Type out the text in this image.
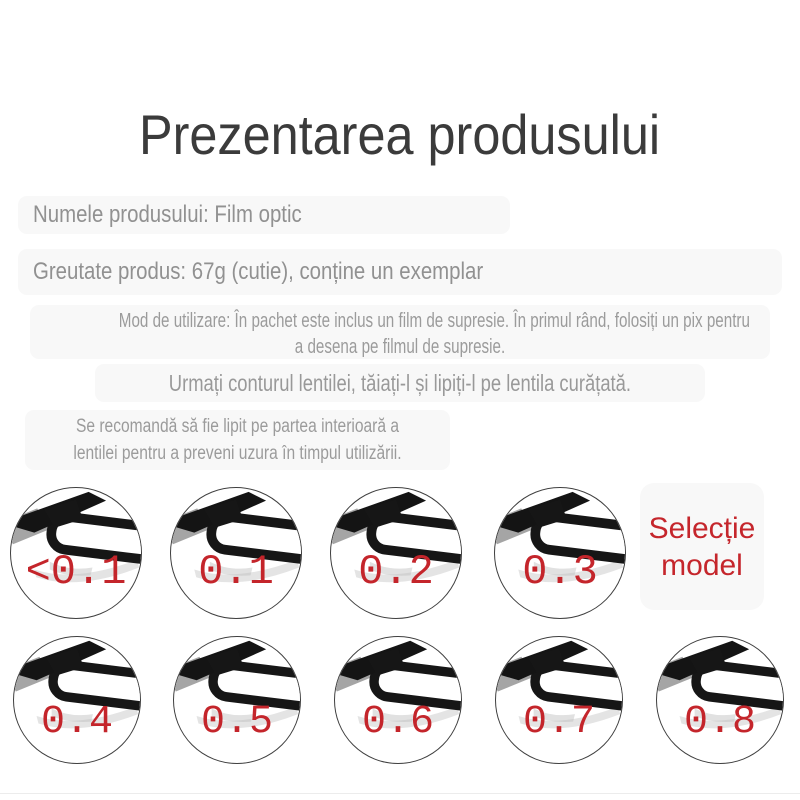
Prezentarea produsului
Numele produsului: Film optic
Greutate produs: 67g (cutie), conține un exemplar
Mod de utilizare: În pachet este inclus un film de supresie. În primul rând, folosiți un pix pentru
a desena pe filmul de supresie.
Urmați conturul lentilei, tăiați-l și lipiți-l pe lentila curățată.
Se recomandă să fie lipit pe partea interioară a
lentilei pentru a preveni uzura în timpul utilizării.
<0.1	0.1	0.2	0.3
Selecție model
0.4	0.5	0.6	0.7	0.8
